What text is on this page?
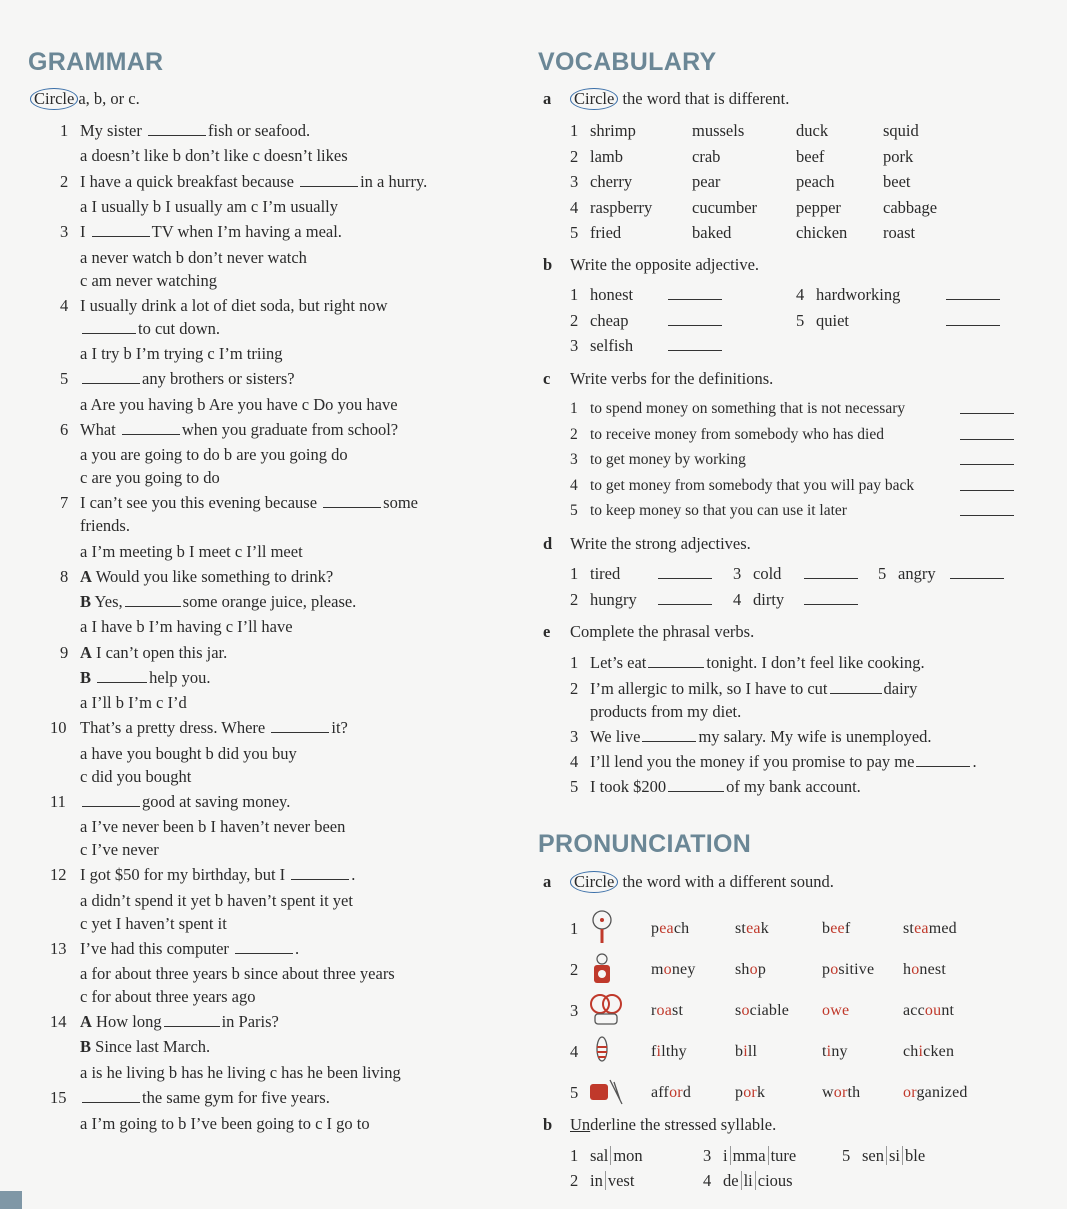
GRAMMAR
Circle a, b, or c.
1 My sister	fish or seafood.
a doesn’t like b don’t like c doesn’t likes
2 I have a quick breakfast because	in a hurry.
a I usually b I usually am c I’m usually
3 I	TV when I’m having a meal.
a never watch b don’t never watch
c am never watching
4 I usually drink a lot of diet soda, but right now
to cut down.
a I try b I’m trying c I’m triing
5	any brothers or sisters?
a Are you having b Are you have c Do you have
6 What	when you graduate from school?
a you are going to do b are you going do
c are you going to do
7 I can’t see you this evening because	some
friends.
a I’m meeting b I meet c I’ll meet
8 A Would you like something to drink?
B Yes,	some orange juice, please.
a I have b I’m having c I’ll have
9 A I can’t open this jar.
B	help you.
a I’ll b I’m c I’d
10 That’s a pretty dress. Where	it?
a have you bought b did you buy
c did you bought
11	good at saving money.
a I’ve never been b I haven’t never been
c I’ve never
12 I got $50 for my birthday, but I	.
a didn’t spend it yet b haven’t spent it yet
c yet I haven’t spent it
13 I’ve had this computer	.
a for about three years b since about three years
c for about three years ago
14 A How long	in Paris?
B Since last March.
a is he living b has he living c has he been living
15	the same gym for five years.
a I’m going to b I’ve been going to c I go to
VOCABULARY
a Circle the word that is different.
1 shrimp	mussels	duck	squid
2 lamb	crab	beef	pork
3 cherry	pear	peach	beet
4 raspberry cucumber pepper	cabbage
5 fried	baked	chicken roast
b Write the opposite adjective.
1 honest
2 cheap
3 selfish
4 hardworking
5 quiet
c Write verbs for the definitions.
1 to spend money on something that is not necessary
2 to receive money from somebody who has died
3 to get money by working
4 to get money from somebody that you will pay back
5 to keep money so that you can use it later
d Write the strong adjectives.
1 tired
2 hungry
3 cold
4 dirty
5 angry
e Complete the phrasal verbs.
1 Let’s eat	tonight. I don’t feel like cooking.
2 I’m allergic to milk, so I have to cut	dairy
products from my diet.
3 We live	my salary. My wife is unemployed.
4 I’ll lend you the money if you promise to pay me	.
5 I took $200	of my bank account.
PRONUNCIATION
a Circle the word with a different sound.
1	peach	steak	beef	steamed
2	money shop	positive honest
3	roast	sociable owe	account
4	filthy	bill	tiny	chicken
5	afford	pork	worth	organized
b Underline the stressed syllable.
1 sal mon
2 in vest
3 i mma ture
4 de li cious
5 sen si ble
